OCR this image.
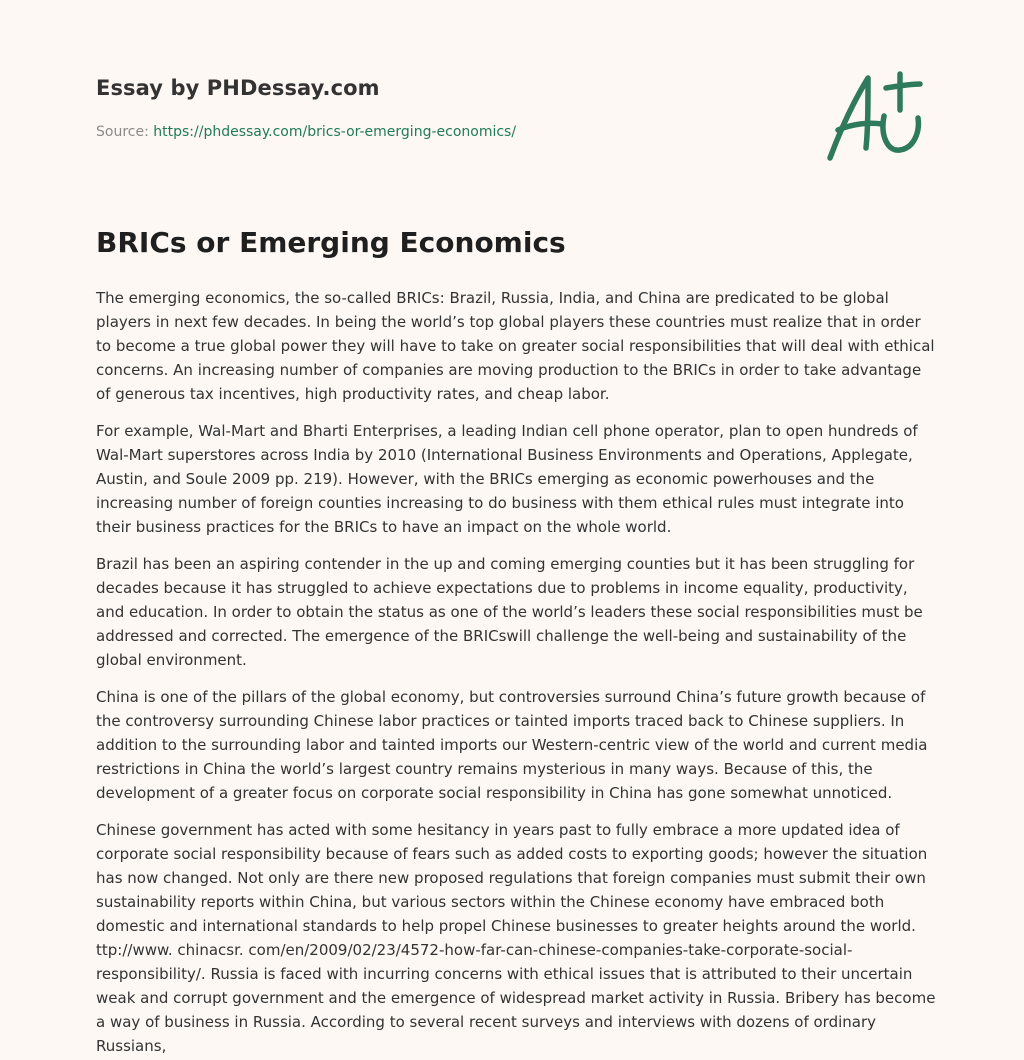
Essay by PHDessay.com
Source: https://phdessay.com/brics-or-emerging-economics/
BRICs or Emerging Economics

The emerging economics, the so-called BRICs: Brazil, Russia, India, and China are predicated to be global players in next few decades. In being the world’s top global players these countries must realize that in order to become a true global power they will have to take on greater social responsibilities that will deal with ethical concerns. An increasing number of companies are moving production to the BRICs in order to take advantage of generous tax incentives, high productivity rates, and cheap labor.

For example, Wal-Mart and Bharti Enterprises, a leading Indian cell phone operator, plan to open hundreds of Wal-Mart superstores across India by 2010 (International Business Environments and Operations, Applegate, Austin, and Soule 2009 pp. 219). However, with the BRICs emerging as economic powerhouses and the increasing number of foreign counties increasing to do business with them ethical rules must integrate into their business practices for the BRICs to have an impact on the whole world.

Brazil has been an aspiring contender in the up and coming emerging counties but it has been struggling for decades because it has struggled to achieve expectations due to problems in income equality, productivity, and education. In order to obtain the status as one of the world’s leaders these social responsibilities must be addressed and corrected. The emergence of the BRICswill challenge the well-being and sustainability of the global environment.

China is one of the pillars of the global economy, but controversies surround China’s future growth because of the controversy surrounding Chinese labor practices or tainted imports traced back to Chinese suppliers. In addition to the surrounding labor and tainted imports our Western-centric view of the world and current media restrictions in China the world’s largest country remains mysterious in many ways. Because of this, the development of a greater focus on corporate social responsibility in China has gone somewhat unnoticed.

Chinese government has acted with some hesitancy in years past to fully embrace a more updated idea of corporate social responsibility because of fears such as added costs to exporting goods; however the situation has now changed. Not only are there new proposed regulations that foreign companies must submit their own sustainability reports within China, but various sectors within the Chinese economy have embraced both domestic and international standards to help propel Chinese businesses to greater heights around the world. ttp://www. chinacsr. com/en/2009/02/23/4572-how-far-can-chinese-companies-take-corporate-social-responsibility/. Russia is faced with incurring concerns with ethical issues that is attributed to their uncertain weak and corrupt government and the emergence of widespread market activity in Russia. Bribery has become a way of business in Russia. According to several recent surveys and interviews with dozens of ordinary Russians,
